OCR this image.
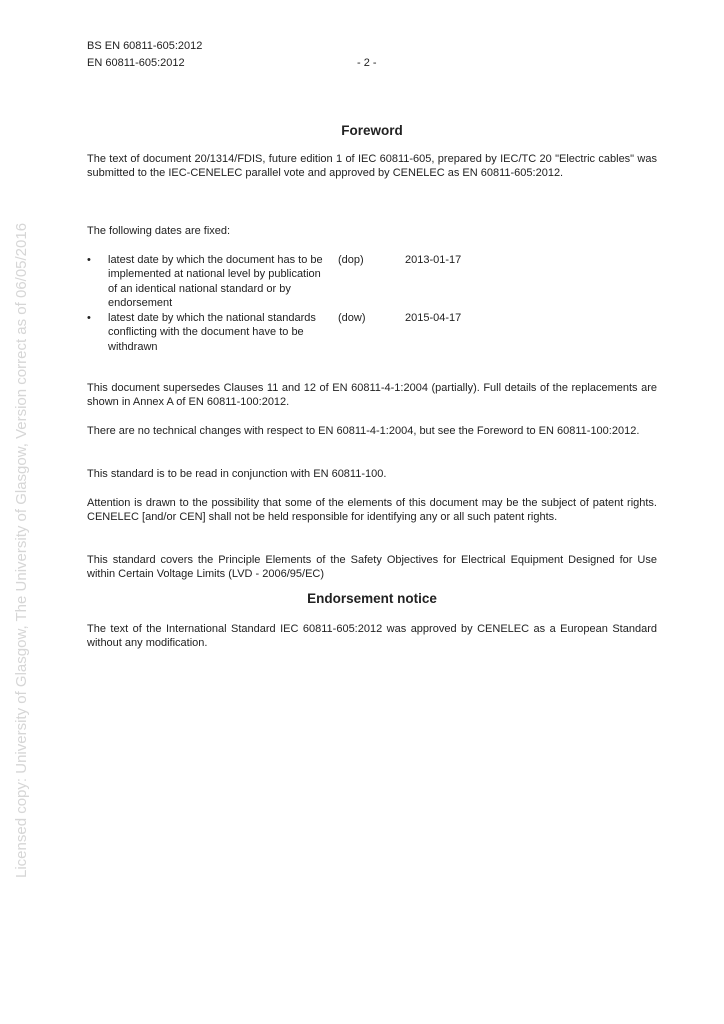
Licensed copy: University of Glasgow, The University of Glasgow, Version correct as of 06/05/2016
BS EN 60811-605:2012
EN 60811-605:2012	- 2 -
Foreword
The text of document 20/1314/FDIS, future edition 1 of IEC 60811-605, prepared by IEC/TC 20 "Electric cables" was submitted to the IEC-CENELEC parallel vote and approved by CENELEC as EN 60811-605:2012.
The following dates are fixed:
• latest date by which the document has to be implemented at national level by publication of an identical national standard or by endorsement
(dop)	2013-01-17
• latest date by which the national standards conflicting with the document have to be withdrawn
(dow)	2015-04-17
This document supersedes Clauses 11 and 12 of EN 60811-4-1:2004 (partially). Full details of the replacements are shown in Annex A of EN 60811-100:2012.
There are no technical changes with respect to EN 60811-4-1:2004, but see the Foreword to EN 60811-100:2012.
This standard is to be read in conjunction with EN 60811-100.
Attention is drawn to the possibility that some of the elements of this document may be the subject of patent rights. CENELEC [and/or CEN] shall not be held responsible for identifying any or all such patent rights.
This standard covers the Principle Elements of the Safety Objectives for Electrical Equipment Designed for Use within Certain Voltage Limits (LVD - 2006/95/EC)
Endorsement notice
The text of the International Standard IEC 60811-605:2012 was approved by CENELEC as a European Standard without any modification.
